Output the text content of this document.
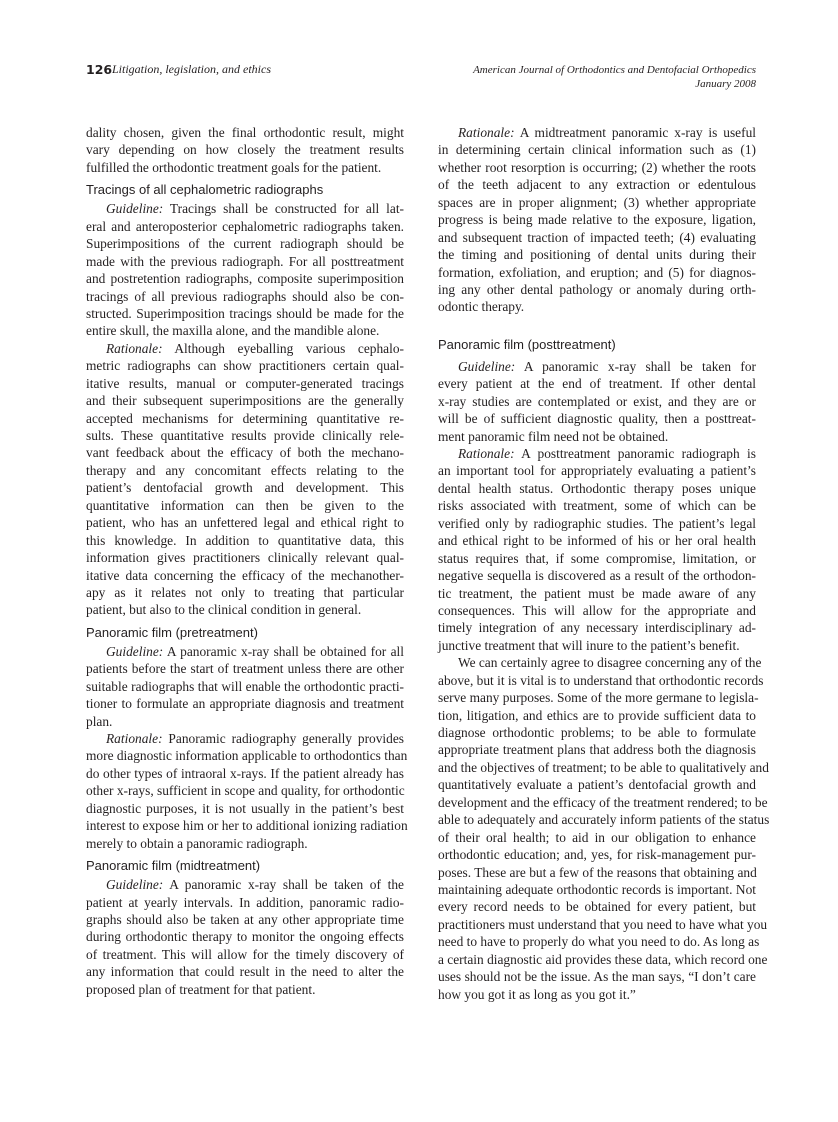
126 Litigation, legislation, and ethics	American Journal of Orthodontics and Dentofacial Orthopedics
January 2008
dality chosen, given the final orthodontic result, might
vary depending on how closely the treatment results
fulfilled the orthodontic treatment goals for the patient.
Tracings of all cephalometric radiographs
Guideline: Tracings shall be constructed for all lat-
eral and anteroposterior cephalometric radiographs taken.
Superimpositions of the current radiograph should be
made with the previous radiograph. For all posttreatment
and postretention radiographs, composite superimposition
tracings of all previous radiographs should also be con-
structed. Superimposition tracings should be made for the
entire skull, the maxilla alone, and the mandible alone.
Rationale: Although eyeballing various cephalo-
metric radiographs can show practitioners certain qual-
itative results, manual or computer-generated tracings
and their subsequent superimpositions are the generally
accepted mechanisms for determining quantitative re-
sults. These quantitative results provide clinically rele-
vant feedback about the efficacy of both the mechano-
therapy and any concomitant effects relating to the
patient’s dentofacial growth and development. This
quantitative information can then be given to the
patient, who has an unfettered legal and ethical right to
this knowledge. In addition to quantitative data, this
information gives practitioners clinically relevant qual-
itative data concerning the efficacy of the mechanother-
apy as it relates not only to treating that particular
patient, but also to the clinical condition in general.
Panoramic film (pretreatment)
Guideline: A panoramic x-ray shall be obtained for all
patients before the start of treatment unless there are other
suitable radiographs that will enable the orthodontic practi-
tioner to formulate an appropriate diagnosis and treatment
plan.
Rationale: Panoramic radiography generally provides
more diagnostic information applicable to orthodontics than
do other types of intraoral x-rays. If the patient already has
other x-rays, sufficient in scope and quality, for orthodontic
diagnostic purposes, it is not usually in the patient’s best
interest to expose him or her to additional ionizing radiation
merely to obtain a panoramic radiograph.
Panoramic film (midtreatment)
Guideline: A panoramic x-ray shall be taken of the
patient at yearly intervals. In addition, panoramic radio-
graphs should also be taken at any other appropriate time
during orthodontic therapy to monitor the ongoing effects
of treatment. This will allow for the timely discovery of
any information that could result in the need to alter the
proposed plan of treatment for that patient.
Rationale: A midtreatment panoramic x-ray is useful
in determining certain clinical information such as (1)
whether root resorption is occurring; (2) whether the roots
of the teeth adjacent to any extraction or edentulous
spaces are in proper alignment; (3) whether appropriate
progress is being made relative to the exposure, ligation,
and subsequent traction of impacted teeth; (4) evaluating
the timing and positioning of dental units during their
formation, exfoliation, and eruption; and (5) for diagnos-
ing any other dental pathology or anomaly during orth-
odontic therapy.
Panoramic film (posttreatment)
Guideline: A panoramic x-ray shall be taken for
every patient at the end of treatment. If other dental
x-ray studies are contemplated or exist, and they are or
will be of sufficient diagnostic quality, then a posttreat-
ment panoramic film need not be obtained.
Rationale: A posttreatment panoramic radiograph is
an important tool for appropriately evaluating a patient’s
dental health status. Orthodontic therapy poses unique
risks associated with treatment, some of which can be
verified only by radiographic studies. The patient’s legal
and ethical right to be informed of his or her oral health
status requires that, if some compromise, limitation, or
negative sequella is discovered as a result of the orthodon-
tic treatment, the patient must be made aware of any
consequences. This will allow for the appropriate and
timely integration of any necessary interdisciplinary ad-
junctive treatment that will inure to the patient’s benefit.
We can certainly agree to disagree concerning any of the
above, but it is vital is to understand that orthodontic records
serve many purposes. Some of the more germane to legisla-
tion, litigation, and ethics are to provide sufficient data to
diagnose orthodontic problems; to be able to formulate
appropriate treatment plans that address both the diagnosis
and the objectives of treatment; to be able to qualitatively and
quantitatively evaluate a patient’s dentofacial growth and
development and the efficacy of the treatment rendered; to be
able to adequately and accurately inform patients of the status
of their oral health; to aid in our obligation to enhance
orthodontic education; and, yes, for risk-management pur-
poses. These are but a few of the reasons that obtaining and
maintaining adequate orthodontic records is important. Not
every record needs to be obtained for every patient, but
practitioners must understand that you need to have what you
need to have to properly do what you need to do. As long as
a certain diagnostic aid provides these data, which record one
uses should not be the issue. As the man says, “I don’t care
how you got it as long as you got it.”
